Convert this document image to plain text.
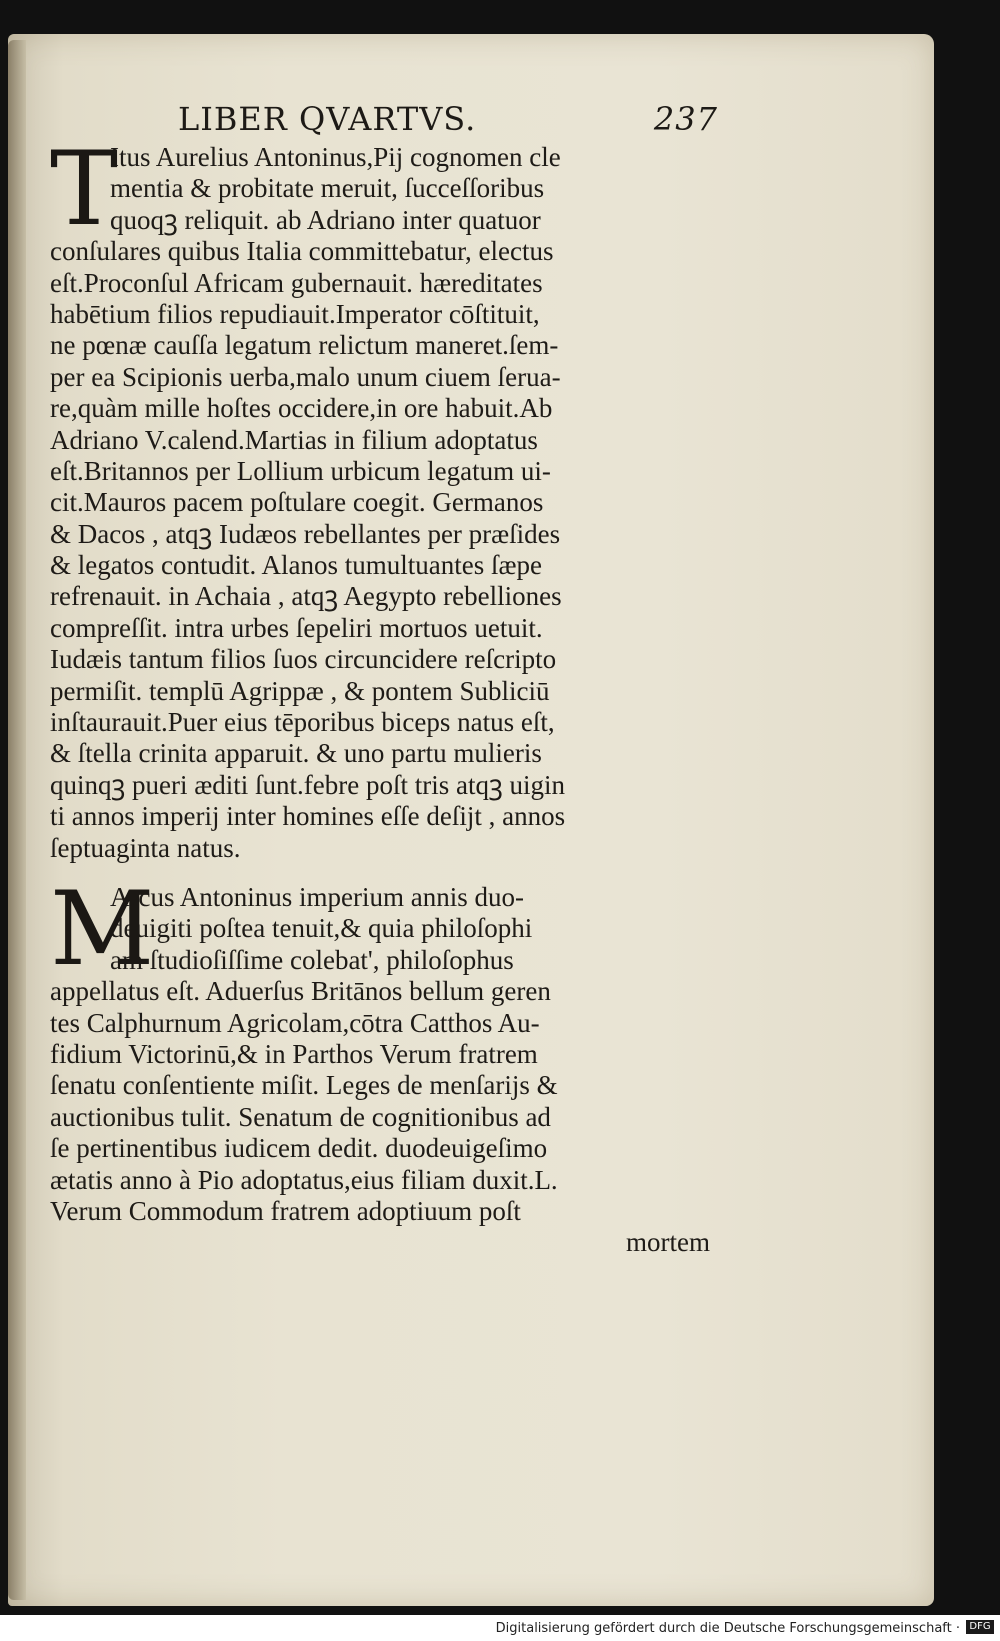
LIBER QVARTVS.	237
T
Itus Aurelius Antoninus,Pij cognomen cle
mentia & probitate meruit, ſucceſſoribus
quoqꝫ reliquit. ab Adriano inter quatuor
conſulares quibus Italia committebatur, electus
eſt.Proconſul Africam gubernauit. hæreditates
habētium filios repudiauit.Imperator cōſtituit,
ne pœnæ cauſſa legatum relictum maneret.ſem-
per ea Scipionis uerba,malo unum ciuem ſerua-
re,quàm mille hoſtes occidere,in ore habuit.Ab
Adriano V.calend.Martias in filium adoptatus
eſt.Britannos per Lollium urbicum legatum ui-
cit.Mauros pacem poſtulare coegit. Germanos
& Dacos , atqꝫ Iudæos rebellantes per præſides
& legatos contudit. Alanos tumultuantes ſæpe
refrenauit. in Achaia , atqꝫ Aegypto rebelliones
compreſſit. intra urbes ſepeliri mortuos uetuit.
Iudæis tantum filios ſuos circuncidere reſcripto
permiſit. templū Agrippæ , & pontem Subliciū
inſtaurauit.Puer eius tēporibus biceps natus eſt,
& ſtella crinita apparuit. & uno partu mulieris
quinqꝫ pueri æditi ſunt.febre poſt tris atqꝫ uigin
ti annos imperij inter homines eſſe deſijt , annos
ſeptuaginta natus.
M
Arcus Antoninus imperium annis duo-
deuigiti poſtea tenuit,& quia philoſophi
am ſtudioſiſſime colebat', philoſophus
appellatus eſt. Aduerſus Britānos bellum geren
tes Calphurnum Agricolam,cōtra Catthos Au-
fidium Victorinū,& in Parthos Verum fratrem
ſenatu conſentiente miſit. Leges de menſarijs &
auctionibus tulit. Senatum de cognitionibus ad
ſe pertinentibus iudicem dedit. duodeuigeſimo
ætatis anno à Pio adoptatus,eius filiam duxit.L.
Verum Commodum fratrem adoptiuum poſt
mortem
Digitalisierung gefördert durch die Deutsche Forschungsgemeinschaft · DFG
